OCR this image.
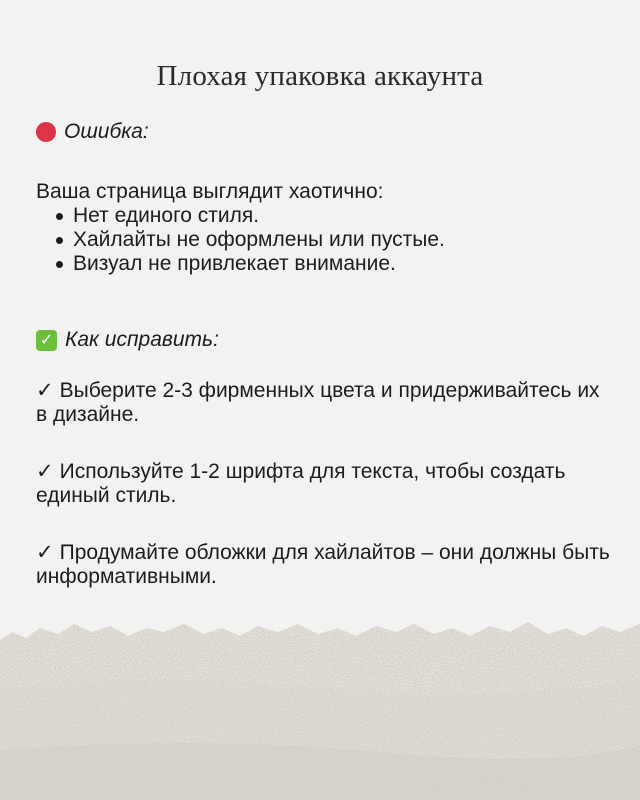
Плохая упаковка аккаунта
Ошибка:
Ваша страница выглядит хаотично:
Нет единого стиля.
Хайлайты не оформлены или пустые.
Визуал не привлекает внимание.
✓ Как исправить:
✓ Выберите 2-3 фирменных цвета и придерживайтесь их в дизайне.
✓ Используйте 1-2 шрифта для текста, чтобы создать единый стиль.
✓ Продумайте обложки для хайлайтов – они должны быть информативными.
